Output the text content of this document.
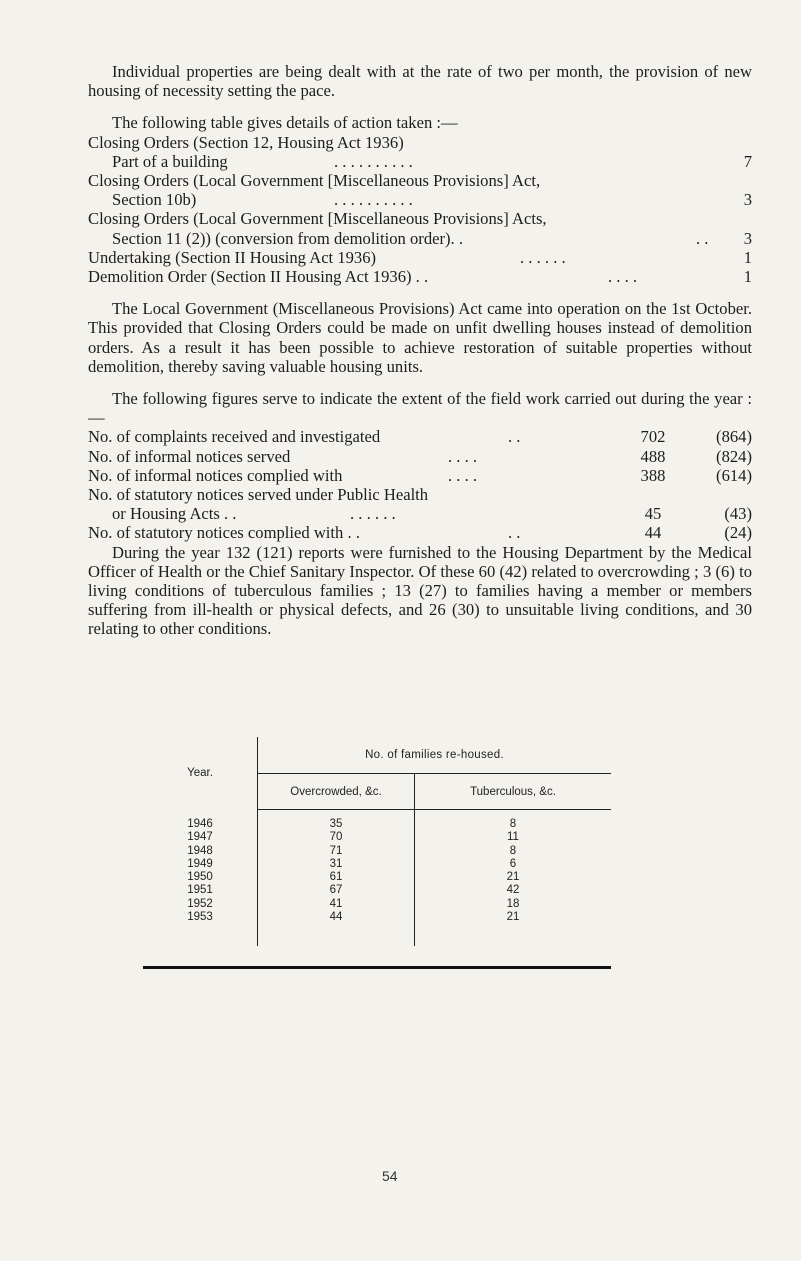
Individual properties are being dealt with at the rate of two per month, the provision of new housing of necessity setting the pace.

The following table gives details of action taken :—

Closing Orders (Section 12, Housing Act 1936)
Part of a building	. . . . . . . . . .	7
Closing Orders (Local Government [Miscellaneous Provisions] Act,
Section 10b)	. . . . . . . . . .	3
Closing Orders (Local Government [Miscellaneous Provisions] Acts,
Section 11 (2)) (conversion from demolition order). .	. . 3
Undertaking (Section II Housing Act 1936)	. . . . . .	1
Demolition Order (Section II Housing Act 1936) . .	. . . .	1

The Local Government (Miscellaneous Provisions) Act came into operation on the 1st October. This provided that Closing Orders could be made on unfit dwelling houses instead of demolition orders. As a result it has been possible to achieve restoration of suitable properties without demolition, thereby saving valuable housing units.

The following figures serve to indicate the extent of the field work carried out during the year :—

No. of complaints received and investigated	. .	702	(864)
No. of informal notices served	. . . .	488	(824)
No. of informal notices complied with	. . . .	388	(614)
No. of statutory notices served under Public Health
or Housing Acts . .	. . . . . .	45	(43)
No. of statutory notices complied with . .	. .	44	(24)

During the year 132 (121) reports were furnished to the Housing Department by the Medical Officer of Health or the Chief Sanitary Inspector. Of these 60 (42) related to overcrowding ; 3 (6) to living conditions of tuberculous families ; 13 (27) to families having a member or members suffering from ill-health or physical defects, and 26 (30) to unsuitable living conditions, and 30 relating to other conditions.

Year.	No. of families re-housed.	
	Overcrowded, &c.	Tuberculous, &c.

1946	35	8
1947	70	11
1948	71	8
1949	31	6
1950	61	21
1951	67	42
1952	41	18
1953	44	21

54
